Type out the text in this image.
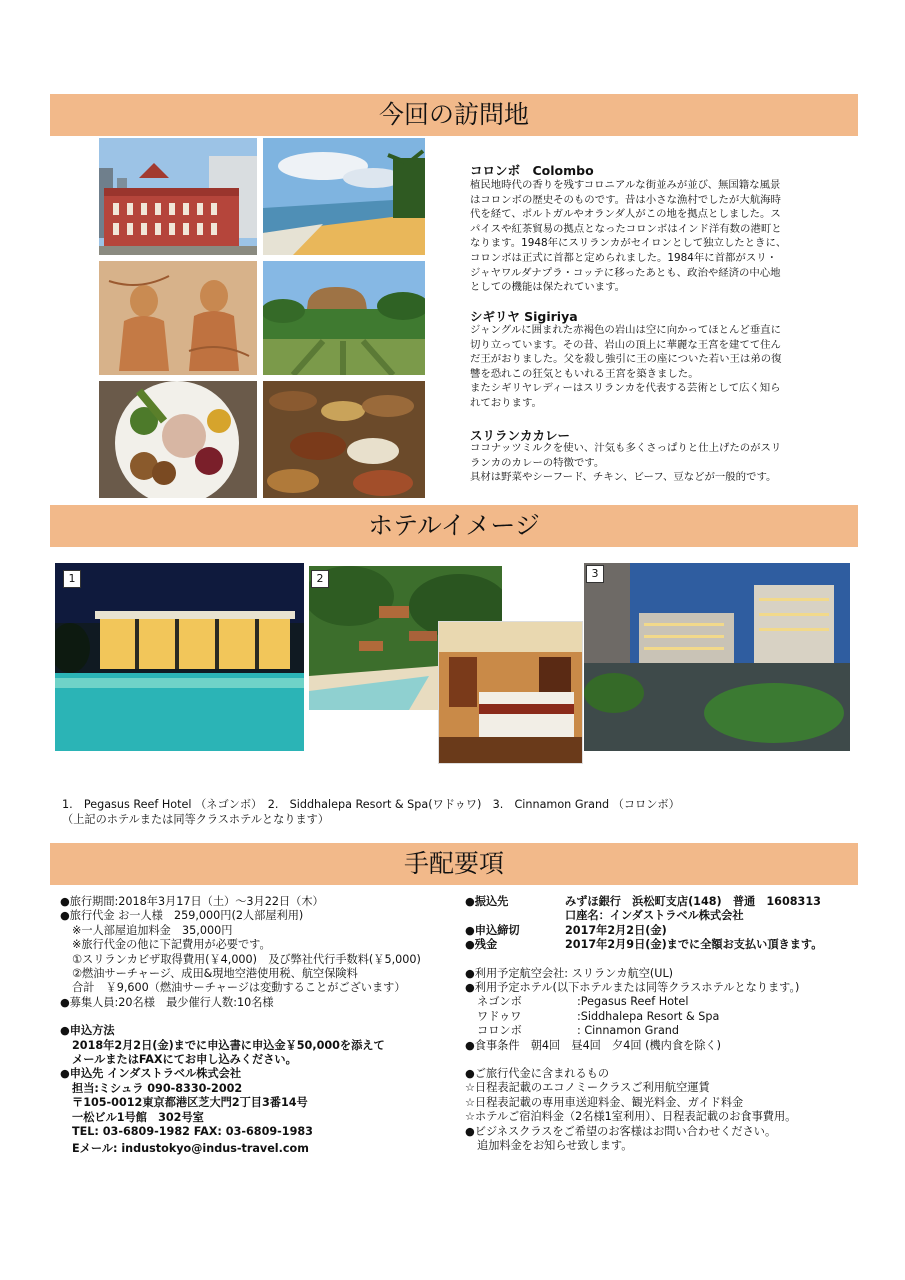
今回の訪問地
コロンボ　Colombo
植民地時代の香りを残すコロニアルな街並みが並び、無国籍な風景
はコロンボの歴史そのものです。昔は小さな漁村でしたが大航海時
代を経て、ポルトガルやオランダ人がこの地を拠点としました。ス
パイスや紅茶貿易の拠点となったコロンボはインド洋有数の港町と
なります。1948年にスリランカがセイロンとして独立したときに、
コロンボは正式に首都と定められました。1984年に首都がスリ・
ジャヤワルダナプラ・コッテに移ったあとも、政治や経済の中心地
としての機能は保たれています。
シギリヤ Sigiriya
ジャングルに囲まれた赤褐色の岩山は空に向かってほとんど垂直に
切り立っています。その昔、岩山の頂上に華麗な王宮を建てて住ん
だ王がおりました。父を殺し強引に王の座についた若い王は弟の復
讐を恐れこの狂気ともいれる王宮を築きました。
またシギリヤレディーはスリランカを代表する芸術として広く知ら
れております。
スリランカカレー
ココナッツミルクを使い、汁気も多くさっぱりと仕上げたのがスリ
ランカのカレーの特徴です。
具材は野菜やシーフード、チキン、ビーフ、豆などが一般的です。
ホテルイメージ
1	2	3
1.　Pegasus Reef Hotel （ネゴンボ）　2.　Siddhalepa Resort & Spa(ワドゥワ)　3.　Cinnamon Grand （コロンボ）
（上記のホテルまたは同等クラスホテルとなります）
手配要項
●旅行期間:2018年3月17日（土）～3月22日（木）
●旅行代金 お一人様　259,000円(2人部屋利用)
※一人部屋追加料金　35,000円
※旅行代金の他に下記費用が必要です。
①スリランカビザ取得費用(￥4,000)　及び弊社代行手数料(￥5,000)
②燃油サーチャージ、成田&現地空港使用税、航空保険料
合計　￥9,600（燃油サーチャージは変動することがございます）
●募集人員:20名様　最少催行人数:10名様
●申込方法
2018年2月2日(金)までに申込書に申込金￥50,000を添えて
メールまたはFAXにてお申し込みください。
●申込先 インダストラベル株式会社
担当:ミシュラ 090-8330-2002
〒105-0012東京都港区芝大門2丁目3番14号
一松ビル1号館　302号室
TEL: 03-6809-1982 FAX: 03-6809-1983
Eメール: industokyo@indus-travel.com
●振込先	みずほ銀行　浜松町支店(148)　普通　1608313
口座名：インダストラベル株式会社
●申込締切	2017年2月2日(金)
●残金	2017年2月9日(金)までに全額お支払い頂きます。
●利用予定航空会社: スリランカ航空(UL)
●利用予定ホテル(以下ホテルまたは同等クラスホテルとなります。)
ネゴンボ	:Pegasus Reef Hotel
ワドゥワ	:Siddhalepa Resort & Spa
コロンボ	: Cinnamon Grand
●食事条件　朝4回　昼4回　夕4回 (機内食を除く)
●ご旅行代金に含まれるもの
☆日程表記載のエコノミークラスご利用航空運賃
☆日程表記載の専用車送迎料金、観光料金、ガイド料金
☆ホテルご宿泊料金（2名様1室利用）、日程表記載のお食事費用。
●ビジネスクラスをご希望のお客様はお問い合わせください。
追加料金をお知らせ致します。
